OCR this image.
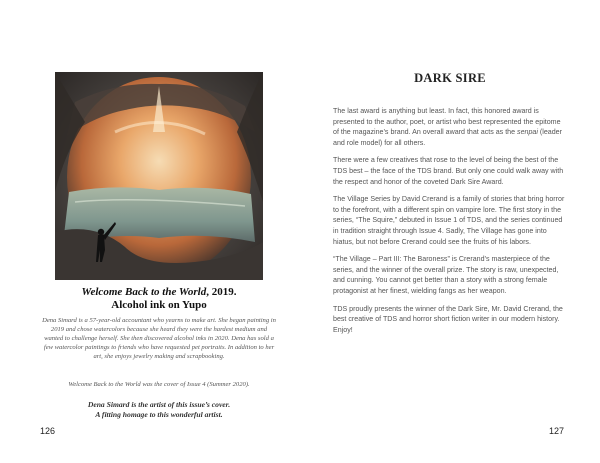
Welcome Back to the World, 2019.
Alcohol ink on Yupo
Dena Simard is a 57-year-old accountant who yearns to make art. She began painting in 2019 and chose watercolors because she heard they were the hardest medium and wanted to challenge herself. She then discovered alcohol inks in 2020. Dena has sold a few watercolor paintings to friends who have requested pet portraits. In addition to her art, she enjoys jewelry making and scrapbooking.
Welcome Back to the World was the cover of Issue 4 (Summer 2020).
Dena Simard is the artist of this issue’s cover.
A fitting homage to this wonderful artist.
126
DARK SIRE

The last award is anything but least. In fact, this honored award is presented to the author, poet, or artist who best represented the epitome of the magazine’s brand. An overall award that acts as the senpai (leader and role model) for all others.

There were a few creatives that rose to the level of being the best of the TDS best – the face of the TDS brand. But only one could walk away with the respect and honor of the coveted Dark Sire Award.

The Village Series by David Crerand is a family of stories that bring horror to the forefront, with a different spin on vampire lore. The first story in the series, “The Squire,” debuted in Issue 1 of TDS, and the series continued in tradition straight through Issue 4. Sadly, The Village has gone into hiatus, but not before Crerand could see the fruits of his labors.

“The Village – Part III: The Baroness” is Crerand’s masterpiece of the series, and the winner of the overall prize. The story is raw, unexpected, and cunning. You cannot get better than a story with a strong female protagonist at her finest, wielding fangs as her weapon.

TDS proudly presents the winner of the Dark Sire, Mr. David Crerand, the best creative of TDS and horror short fiction writer in our modern history. Enjoy!

127
